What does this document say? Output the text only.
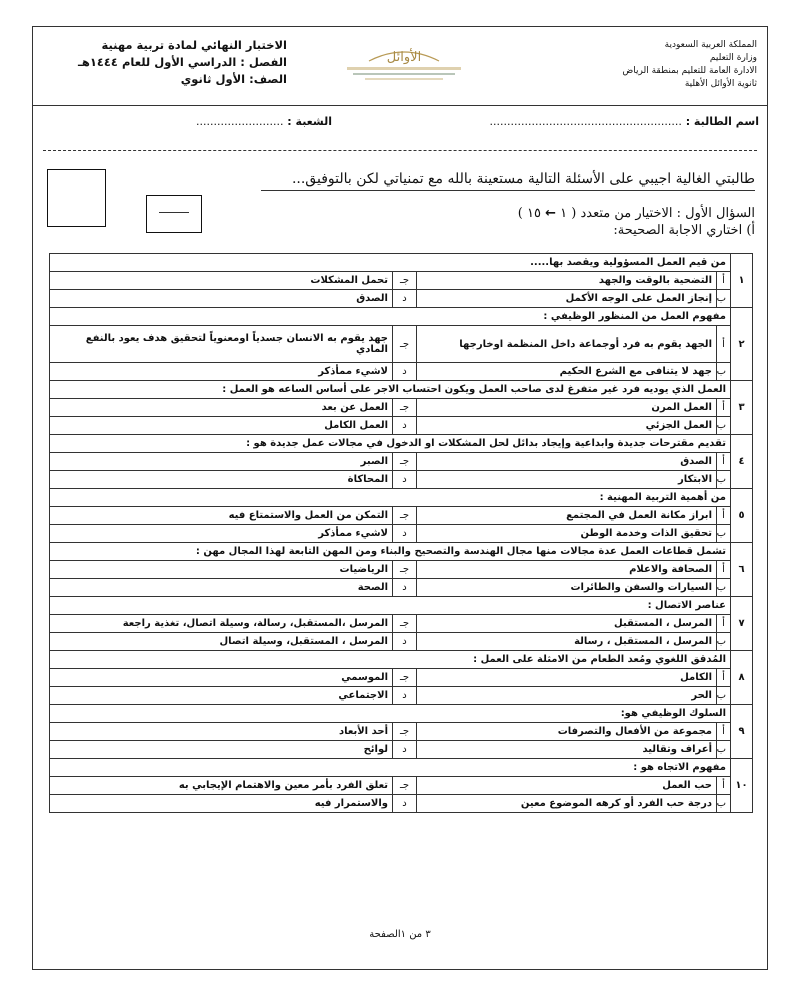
المملكة العربية السعودية
وزارة التعليم
الادارة العامة للتعليم بمنطقة الرياض
ثانوية الأوائل الأهلية
الأوائل
الاختبار النهائي لمادة تربية مهنية
الفصل : الدراسي الأول للعام ١٤٤٤هـ
الصف: الأول ثانوي
اسم الطالبة : .......................................................
الشعبة : .........................
طالبتي الغالية اجيبي على الأسئلة التالية مستعينة بالله مع تمنياتي لكن بالتوفيق...
السؤال الأول : الاختيار من متعدد ( ١ ← ١٥ )
أ) اختاري الاجابة الصحيحة:
١	من قيم العمل المسؤولية ويقصد بها.....			
	أ	التضحية بالوقت والجهد	جـ	تحمل المشكلات
	ب	إنجاز العمل على الوجه الأكمل	د	الصدق
٢	مفهوم العمل من المنظور الوظيفي :			
	أ	الجهد يقوم به فرد أوجماعة داخل المنظمة اوخارجها	جـ	جهد يقوم به الانسان جسدياً اومعنوياً لتحقيق هدف يعود بالنفع المادي
	ب	جهد لا يتنافى مع الشرع الحكيم	د	لاشيء ممأذكر
٣	العمل الذي يوديه فرد غير متفرغ لدى صاحب العمل ويكون احتساب الاجر على أساس الساعه هو العمل :			
	أ	العمل المرن	جـ	العمل عن بعد
	ب	العمل الجزئي	د	العمل الكامل
٤	تقديم مقترحات جديدة وابداعية وإيجاد بدائل لحل المشكلات او الدخول في مجالات عمل جديدة هو :			
	أ	الصدق	جـ	الصبر
	ب	الابتكار	د	المحاكاة
٥	من أهمية التربية المهنية :			
	أ	ابراز مكانة العمل في المجتمع	جـ	التمكن من العمل والاستمتاع فيه
	ب	تحقيق الذات وخدمة الوطن	د	لاشيء ممأذكر
٦	تشمل قطاعات العمل عدة مجالات منها مجال الهندسة والتصحيح والبناء ومن المهن التابعة لهذا المجال مهن :			
	أ	الصحافة والاعلام	جـ	الرياضيات
	ب	السيارات والسفن والطائرات	د	الصحة
٧	عناصر الاتصال :			
	أ	المرسل ، المستقبل	جـ	المرسل ،المستقبل، رسالة، وسيلة اتصال، تغذية راجعة
	ب	المرسل ، المستقبل ، رسالة	د	المرسل ، المستقبل، وسيلة اتصال
٨	المُدقق اللغوي ومُعد الطعام من الامثلة على العمل :			
	أ	الكامل	جـ	الموسمي
	ب	الحر	د	الاجتماعي
٩	السلوك الوظيفي هو:			
	أ	مجموعة من الأفعال والتصرفات	جـ	أحد الأبعاد
	ب	أعراف وتقاليد	د	لوائح
١٠	مفهوم الاتجاه هو :			
	أ	حب العمل	جـ	تعلق الفرد بأمر معين والاهتمام الإيجابي به
	ب	درجة حب الفرد أو كرهه الموضوع معين	د	والاستمرار فيه
٣ من ١الصفحة
